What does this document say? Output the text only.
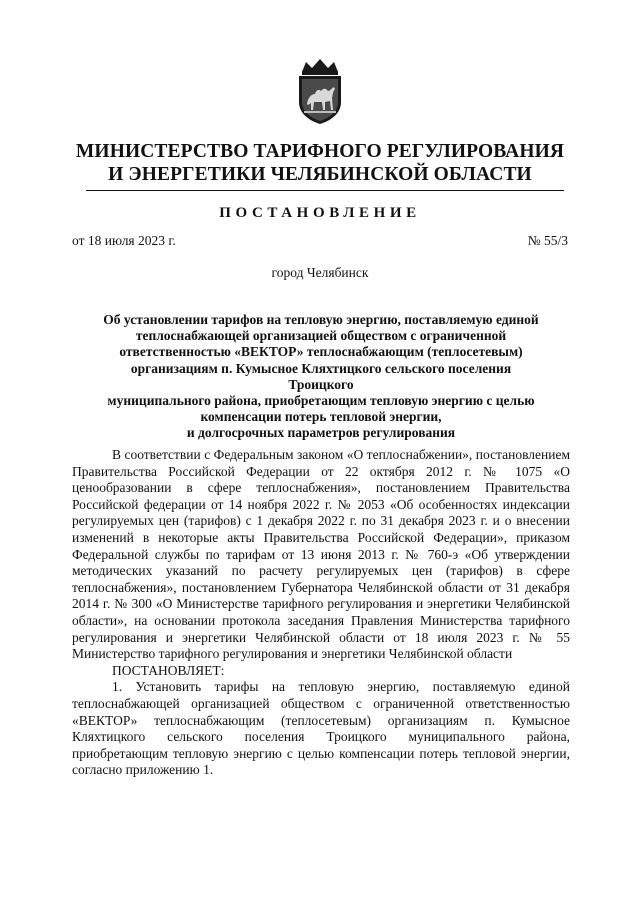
МИНИСТЕРСТВО ТАРИФНОГО РЕГУЛИРОВАНИЯ
И ЭНЕРГЕТИКИ ЧЕЛЯБИНСКОЙ ОБЛАСТИ
ПОСТАНОВЛЕНИЕ
от 18 июля 2023 г.	№ 55/3
город Челябинск
Об установлении тарифов на тепловую энергию, поставляемую единой
теплоснабжающей организацией обществом с ограниченной
ответственностью «ВЕКТОР» теплоснабжающим (теплосетевым)
организациям п. Кумысное Кляхтицкого сельского поселения Троицкого
муниципального района, приобретающим тепловую энергию с целью
компенсации потерь тепловой энергии,
и долгосрочных параметров регулирования

В соответствии с Федеральным законом «О теплоснабжении», постановлением Правительства Российской Федерации от 22 октября 2012 г. № 1075 «О ценообразовании в сфере теплоснабжения», постановлением Правительства Российской федерации от 14 ноября 2022 г. № 2053 «Об особенностях индексации регулируемых цен (тарифов) с 1 декабря 2022 г. по 31 декабря 2023 г. и о внесении изменений в некоторые акты Правительства Российской Федерации», приказом Федеральной службы по тарифам от 13 июня 2013 г. № 760-э «Об утверждении методических указаний по расчету регулируемых цен (тарифов) в сфере теплоснабжения», постановлением Губернатора Челябинской области от 31 декабря 2014 г. № 300 «О Министерстве тарифного регулирования и энергетики Челябинской области», на основании протокола заседания Правления Министерства тарифного регулирования и энергетики Челябинской области от 18 июля 2023 г. № 55 Министерство тарифного регулирования и энергетики Челябинской области

ПОСТАНОВЛЯЕТ:

1. Установить тарифы на тепловую энергию, поставляемую единой теплоснабжающей организацией обществом с ограниченной ответственностью «ВЕКТОР» теплоснабжающим (теплосетевым) организациям п. Кумысное Кляхтицкого сельского поселения Троицкого муниципального района, приобретающим тепловую энергию с целью компенсации потерь тепловой энергии, согласно приложению 1.
